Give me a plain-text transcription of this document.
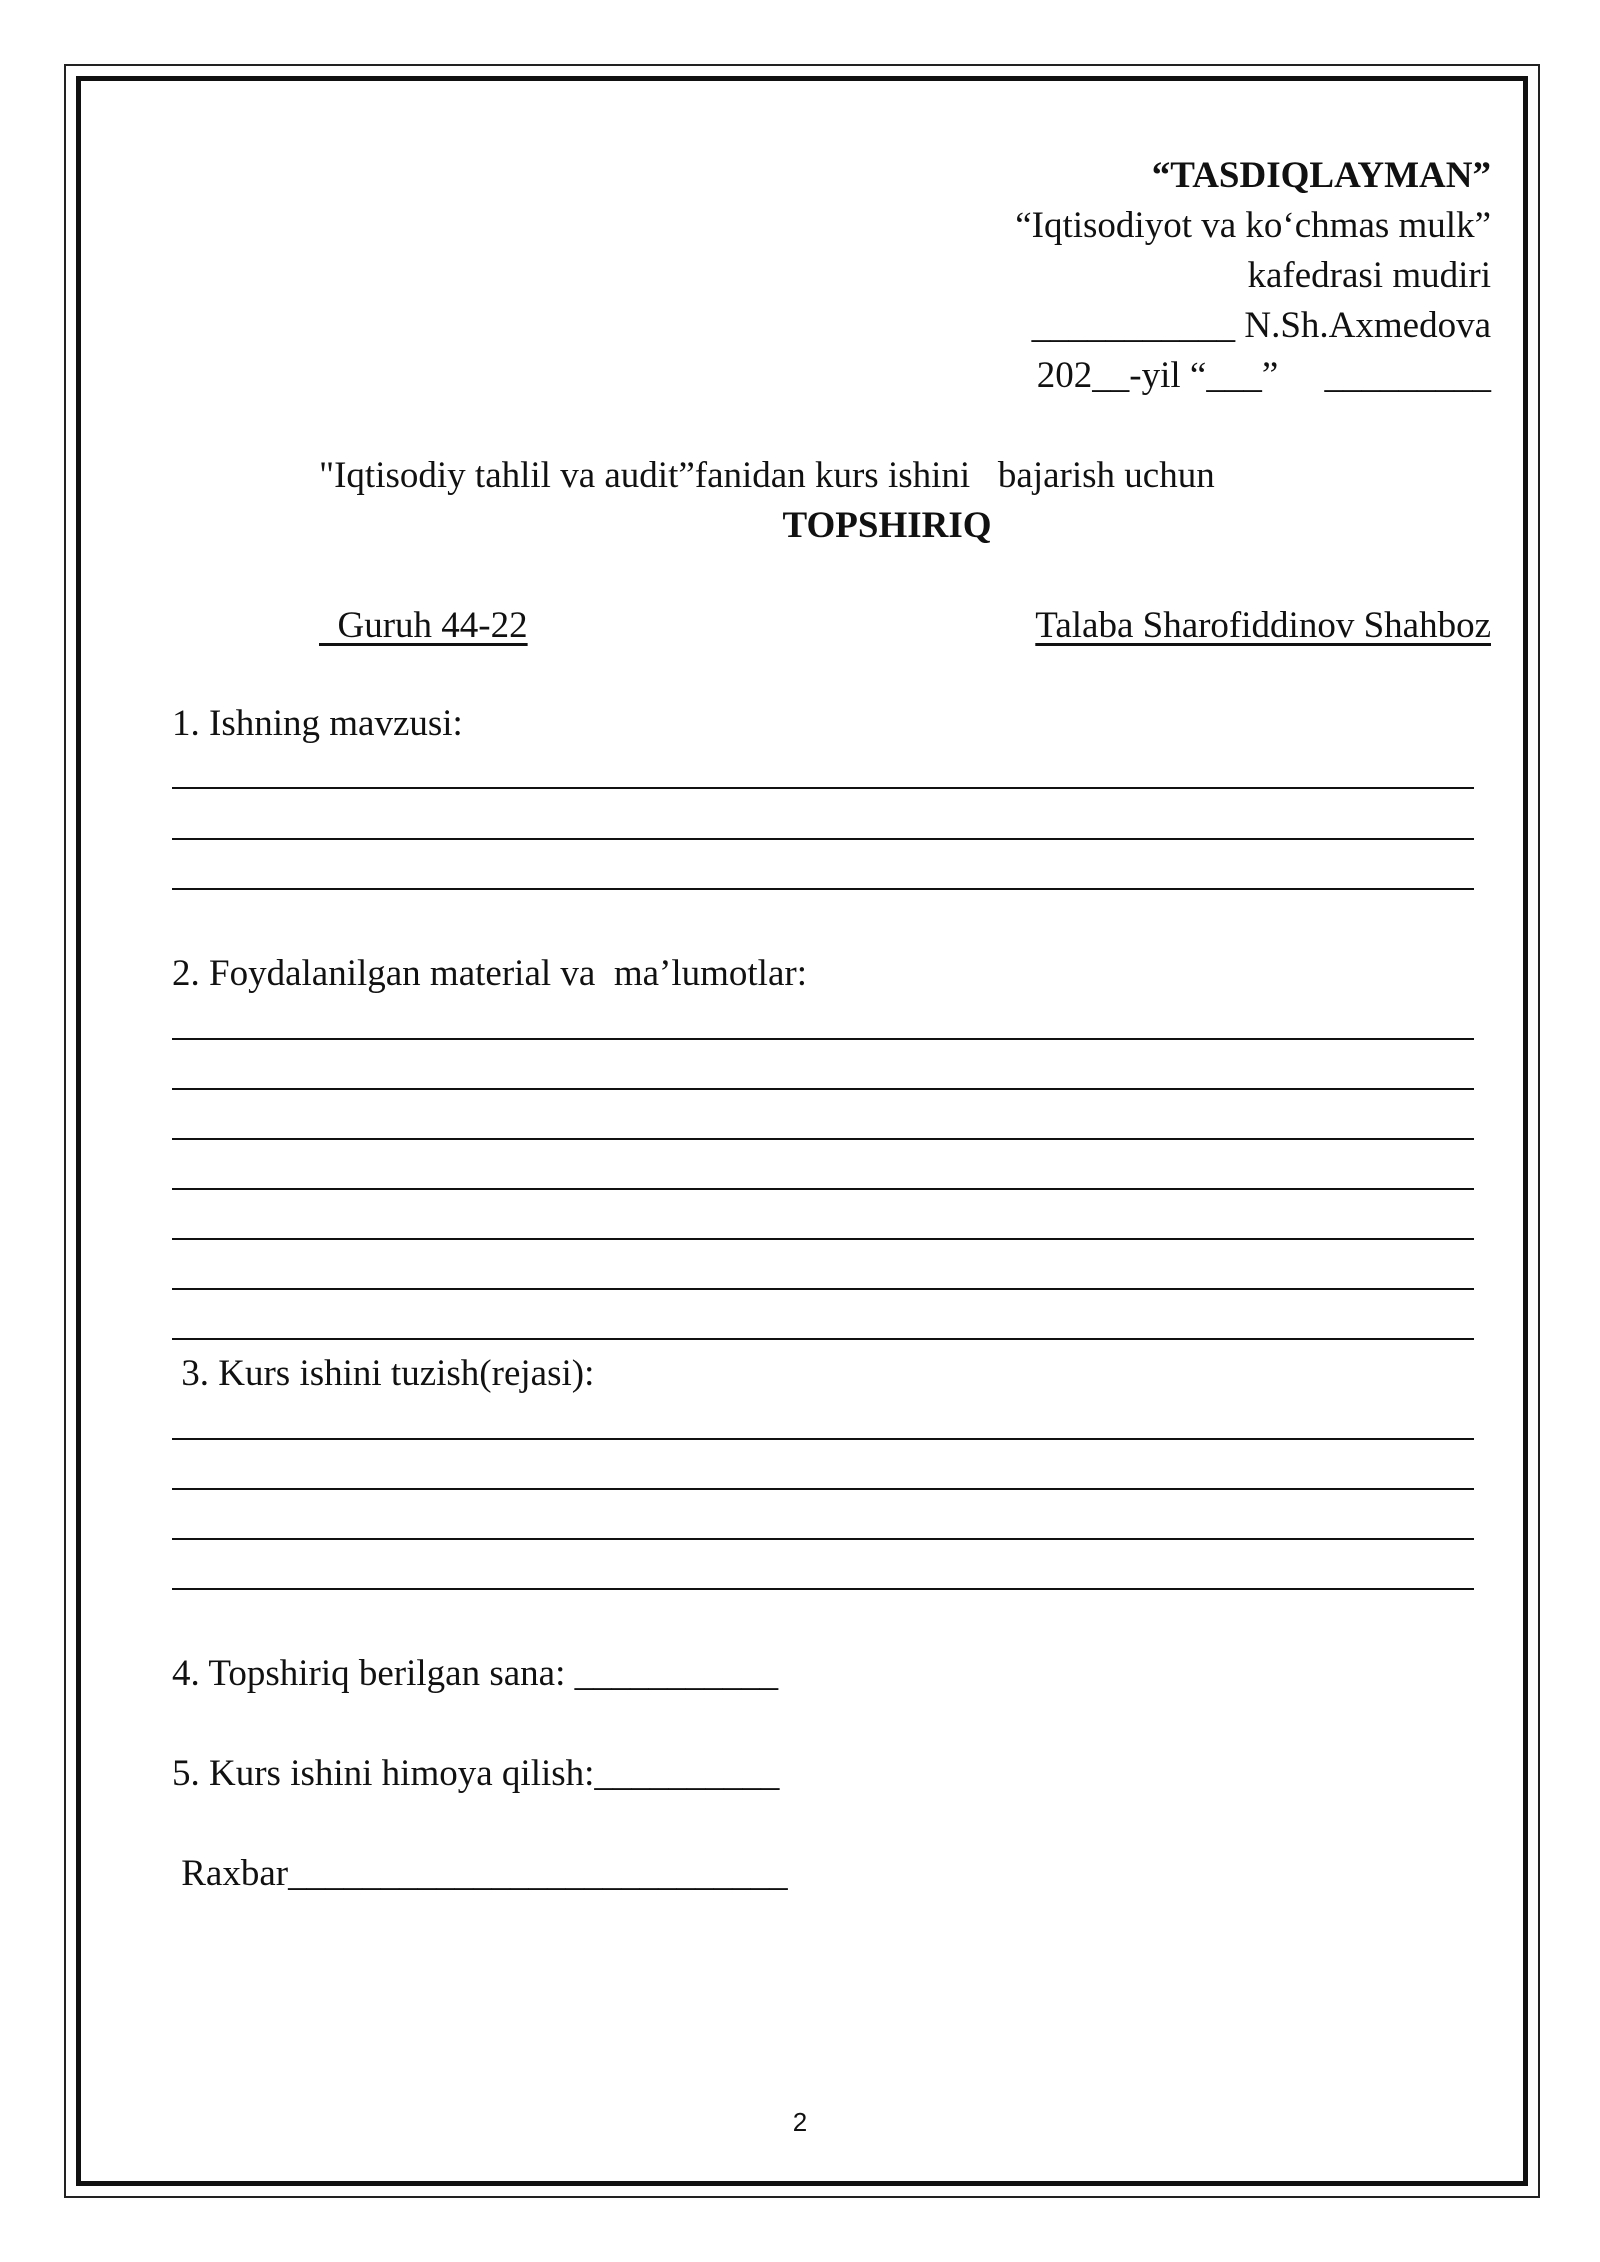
“TASDIQLAYMAN”
“Iqtisodiyot va ko‘chmas mulk”
kafedrasi mudiri
___________ N.Sh.Axmedova
202__-yil “___”     _________
"Iqtisodiy tahlil va audit”fanidan kurs ishini   bajarish uchun
TOPSHIRIQ
Guruh 44-22	Talaba Sharofiddinov Shahboz
1. Ishning mavzusi:
2. Foydalanilgan material va  ma’lumotlar:
3. Kurs ishini tuzish(rejasi):
4. Topshiriq berilgan sana: ___________
5. Kurs ishini himoya qilish:__________
Raxbar___________________________
2
